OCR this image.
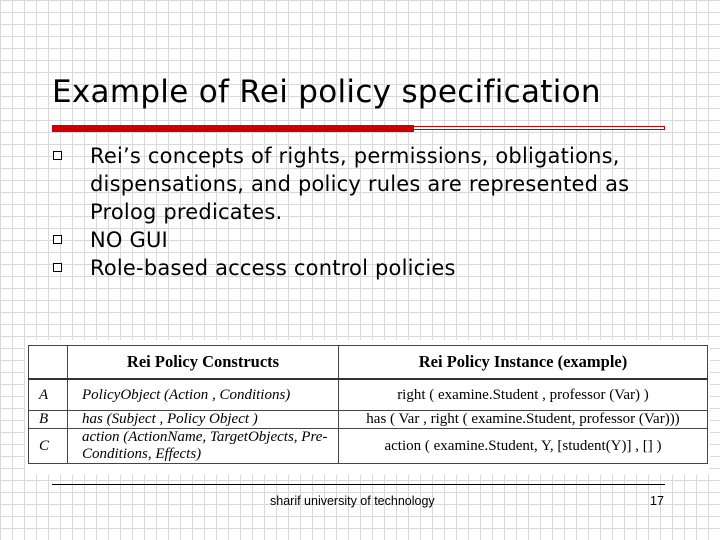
Example of Rei policy specification
Rei’s concepts of rights, permissions, obligations, dispensations, and policy rules are represented as Prolog predicates.
NO GUI
Role-based access control policies
	Rei Policy Constructs	Rei Policy Instance (example)
A	PolicyObject (Action , Conditions)	right ( examine.Student , professor (Var) )
B	has (Subject , Policy Object )	has ( Var , right ( examine.Student, professor (Var)))
C	action (ActionName, TargetObjects, Pre-Conditions, Effects)	action ( examine.Student, Y, [student(Y)] , [] )
sharif university of technology	17
